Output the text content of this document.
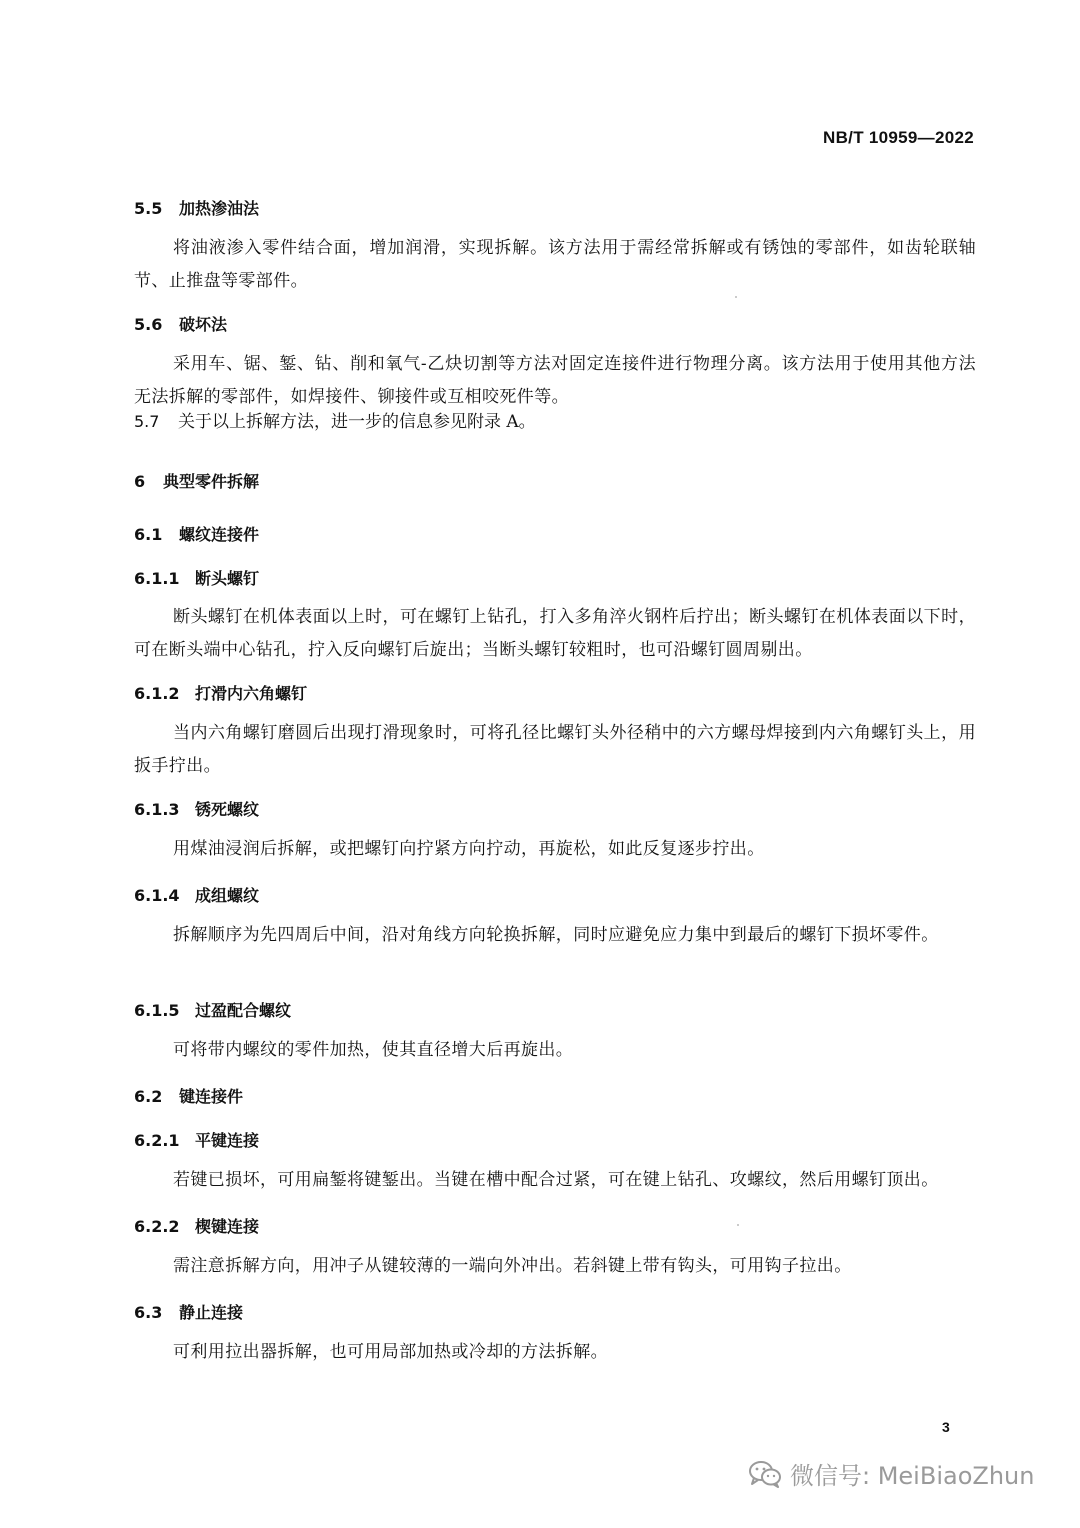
NB/T 10959—2022
5.5 加热渗油法
将油液渗入零件结合面，增加润滑，实现拆解。该方法用于需经常拆解或有锈蚀的零部件，如齿轮联轴节、止推盘等零部件。
5.6 破坏法
采用车、锯、錾、钻、削和氧气-乙炔切割等方法对固定连接件进行物理分离。该方法用于使用其他方法无法拆解的零部件，如焊接件、铆接件或互相咬死件等。
5.7 关于以上拆解方法，进一步的信息参见附录 A。
6 典型零件拆解
6.1 螺纹连接件
6.1.1 断头螺钉
断头螺钉在机体表面以上时，可在螺钉上钻孔，打入多角淬火钢杵后拧出；断头螺钉在机体表面以下时，可在断头端中心钻孔，拧入反向螺钉后旋出；当断头螺钉较粗时，也可沿螺钉圆周剔出。
6.1.2 打滑内六角螺钉
当内六角螺钉磨圆后出现打滑现象时，可将孔径比螺钉头外径稍中的六方螺母焊接到内六角螺钉头上，用扳手拧出。
6.1.3 锈死螺纹
用煤油浸润后拆解，或把螺钉向拧紧方向拧动，再旋松，如此反复逐步拧出。
6.1.4 成组螺纹
拆解顺序为先四周后中间，沿对角线方向轮换拆解，同时应避免应力集中到最后的螺钉下损坏零件。
6.1.5 过盈配合螺纹
可将带内螺纹的零件加热，使其直径增大后再旋出。
6.2 键连接件
6.2.1 平键连接
若键已损坏，可用扁錾将键錾出。当键在槽中配合过紧，可在键上钻孔、攻螺纹，然后用螺钉顶出。
6.2.2 楔键连接
需注意拆解方向，用冲子从键较薄的一端向外冲出。若斜键上带有钩头，可用钩子拉出。
6.3 静止连接
可利用拉出器拆解，也可用局部加热或冷却的方法拆解。
3
微信号: MeiBiaoZhun
